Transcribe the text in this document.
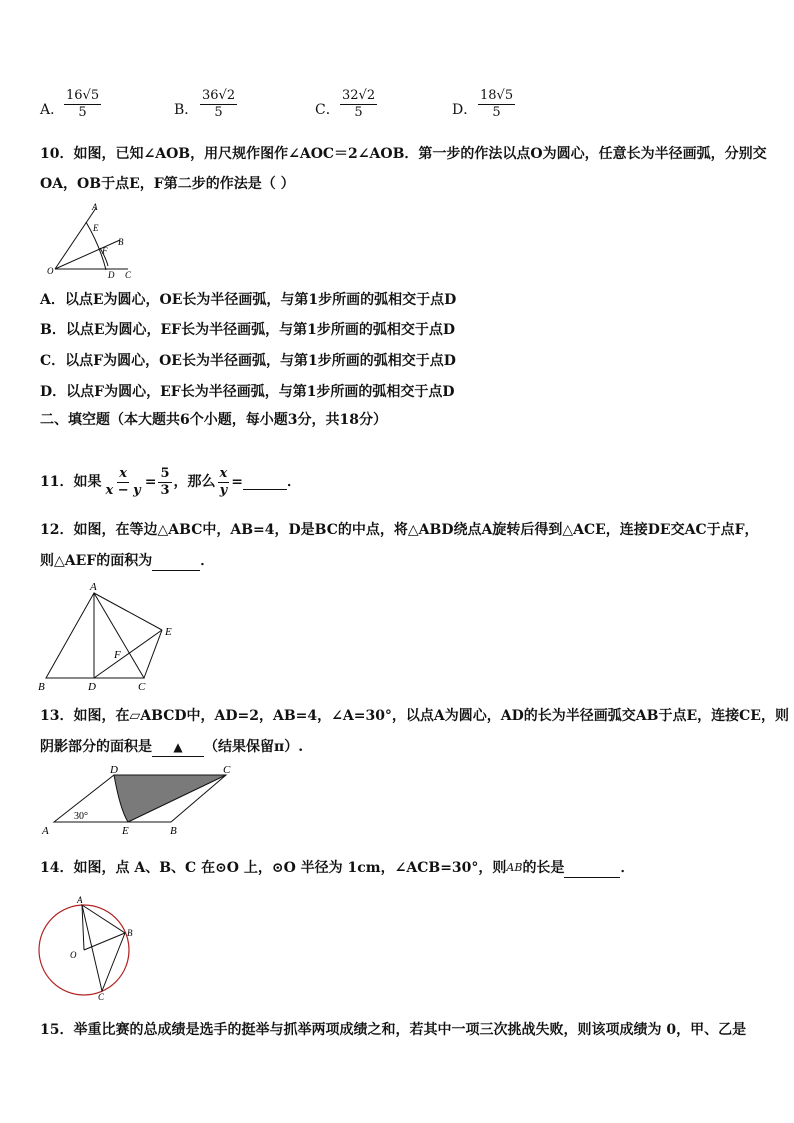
A． $\frac{16√5}{5}$	B． $\frac{36√2}{5}$	C． $\frac{32√2}{5}$	D． $\frac{18√5}{5}$
10．如图，已知∠AOB，用尺规作图作∠AOC＝2∠AOB．第一步的作法以点O为圆心，任意长为半径画弧，分别交
OA，OB于点E，F第二步的作法是（ ）
A
E
B
F
O	D C
A．以点E为圆心，OE长为半径画弧，与第1步所画的弧相交于点D
B．以点E为圆心，EF长为半径画弧，与第1步所画的弧相交于点D
C．以点F为圆心，OE长为半径画弧，与第1步所画的弧相交于点D
D．以点F为圆心，EF长为半径画弧，与第1步所画的弧相交于点D
二、填空题（本大题共6个小题，每小题3分，共18分）
11．如果 $\frac{x}{x - y} = \frac{5}{3}$ ，那么 $\frac{x}{y}$ =	．
12．如图，在等边△ABC中，AB=4，D是BC的中点，将△ABD绕点A旋转后得到△ACE，连接DE交AC于点F，
则△AEF的面积为	．
A
E
F
B	D	C
13．如图，在▱ABCD中，AD=2，AB=4，∠A=30°，以点A为圆心，AD的长为半径画弧交AB于点E，连接CE，则
阴影部分的面积是	▲	（结果保留π）.
D	C
30°
A	E	B
14．如图，点 A、B、C 在⊙O 上，⊙O 半径为 1cm，∠ACB=30°，则 AB 的长是	．
A
B
O
C
15．举重比赛的总成绩是选手的挺举与抓举两项成绩之和，若其中一项三次挑战失败，则该项成绩为 0，甲、乙是
